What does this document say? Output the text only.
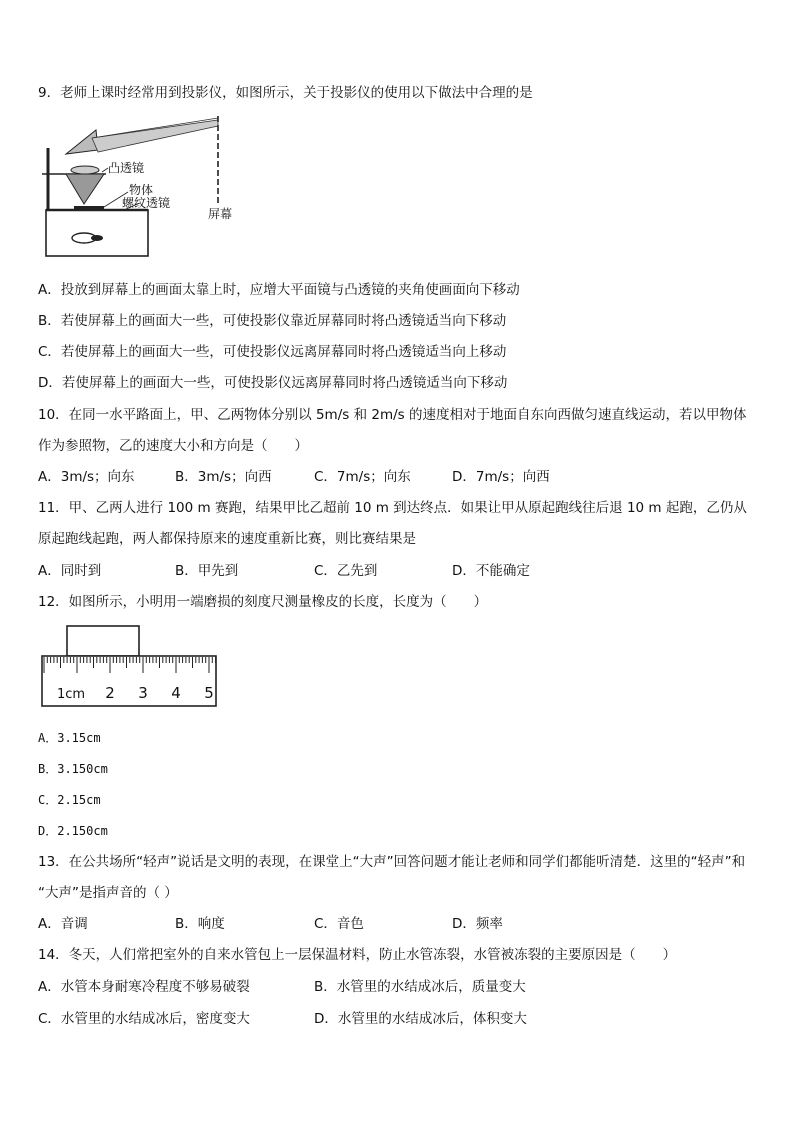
9．老师上课时经常用到投影仪，如图所示，关于投影仪的使用以下做法中合理的是
凸透镜
物体
螺纹透镜
屏幕
A．投放到屏幕上的画面太靠上时，应增大平面镜与凸透镜的夹角使画面向下移动
B．若使屏幕上的画面大一些，可使投影仪靠近屏幕同时将凸透镜适当向下移动
C．若使屏幕上的画面大一些，可使投影仪远离屏幕同时将凸透镜适当向上移动
D．若使屏幕上的画面大一些，可使投影仪远离屏幕同时将凸透镜适当向下移动
10．在同一水平路面上，甲、乙两物体分别以 5m/s 和 2m/s 的速度相对于地面自东向西做匀速直线运动，若以甲物体
作为参照物，乙的速度大小和方向是（　　）
A．3m/s；向东	B．3m/s；向西	C．7m/s；向东	D．7m/s；向西
11．甲、乙两人进行 100 m 赛跑，结果甲比乙超前 10 m 到达终点．如果让甲从原起跑线往后退 10 m 起跑，乙仍从
原起跑线起跑，两人都保持原来的速度重新比赛，则比赛结果是
A．同时到	B．甲先到	C．乙先到	D．不能确定
12．如图所示，小明用一端磨损的刻度尺测量橡皮的长度，长度为（　　）
1cm 2 3 4 5
A．3.15cm
B．3.150cm
C．2.15cm
D．2.150cm
13．在公共场所“轻声”说话是文明的表现，在课堂上“大声”回答问题才能让老师和同学们都能听清楚．这里的“轻声”和
“大声”是指声音的（ ）
A．音调	B．响度	C．音色	D．频率
14．冬天，人们常把室外的自来水管包上一层保温材料，防止水管冻裂，水管被冻裂的主要原因是（　　）
A．水管本身耐寒冷程度不够易破裂	B．水管里的水结成冰后，质量变大
C．水管里的水结成冰后，密度变大	D．水管里的水结成冰后，体积变大
